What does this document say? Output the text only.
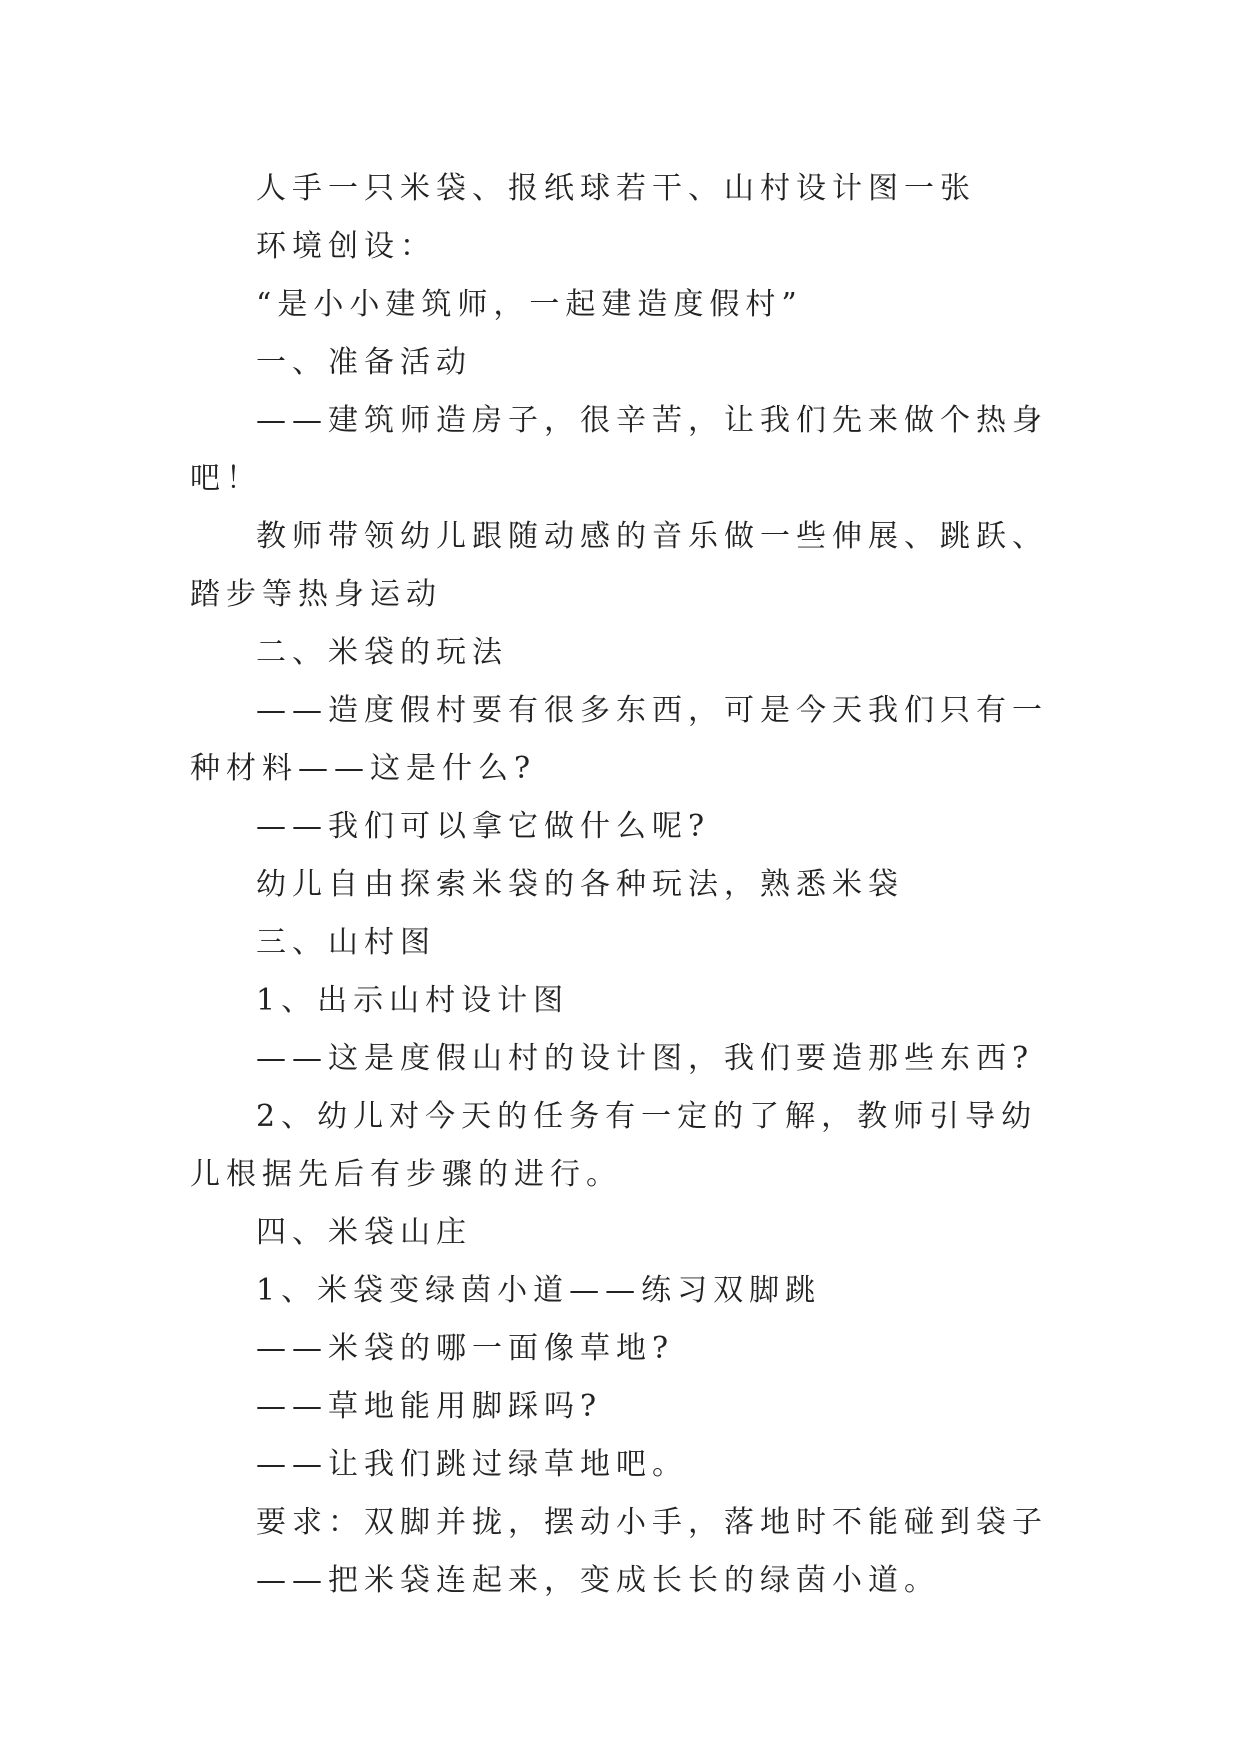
人手一只米袋、报纸球若干、山村设计图一张

环境创设：

“是小小建筑师，一起建造度假村”

一、准备活动

——建筑师造房子，很辛苦，让我们先来做个热身吧！

教师带领幼儿跟随动感的音乐做一些伸展、跳跃、踏步等热身运动

二、米袋的玩法

——造度假村要有很多东西，可是今天我们只有一种材料——这是什么?

——我们可以拿它做什么呢?

幼儿自由探索米袋的各种玩法，熟悉米袋

三、山村图

1、出示山村设计图

——这是度假山村的设计图，我们要造那些东西?

2、幼儿对今天的任务有一定的了解，教师引导幼儿根据先后有步骤的进行。

四、米袋山庄

1、米袋变绿茵小道——练习双脚跳

——米袋的哪一面像草地?

——草地能用脚踩吗?

——让我们跳过绿草地吧。

要求：双脚并拢，摆动小手，落地时不能碰到袋子

——把米袋连起来，变成长长的绿茵小道。
